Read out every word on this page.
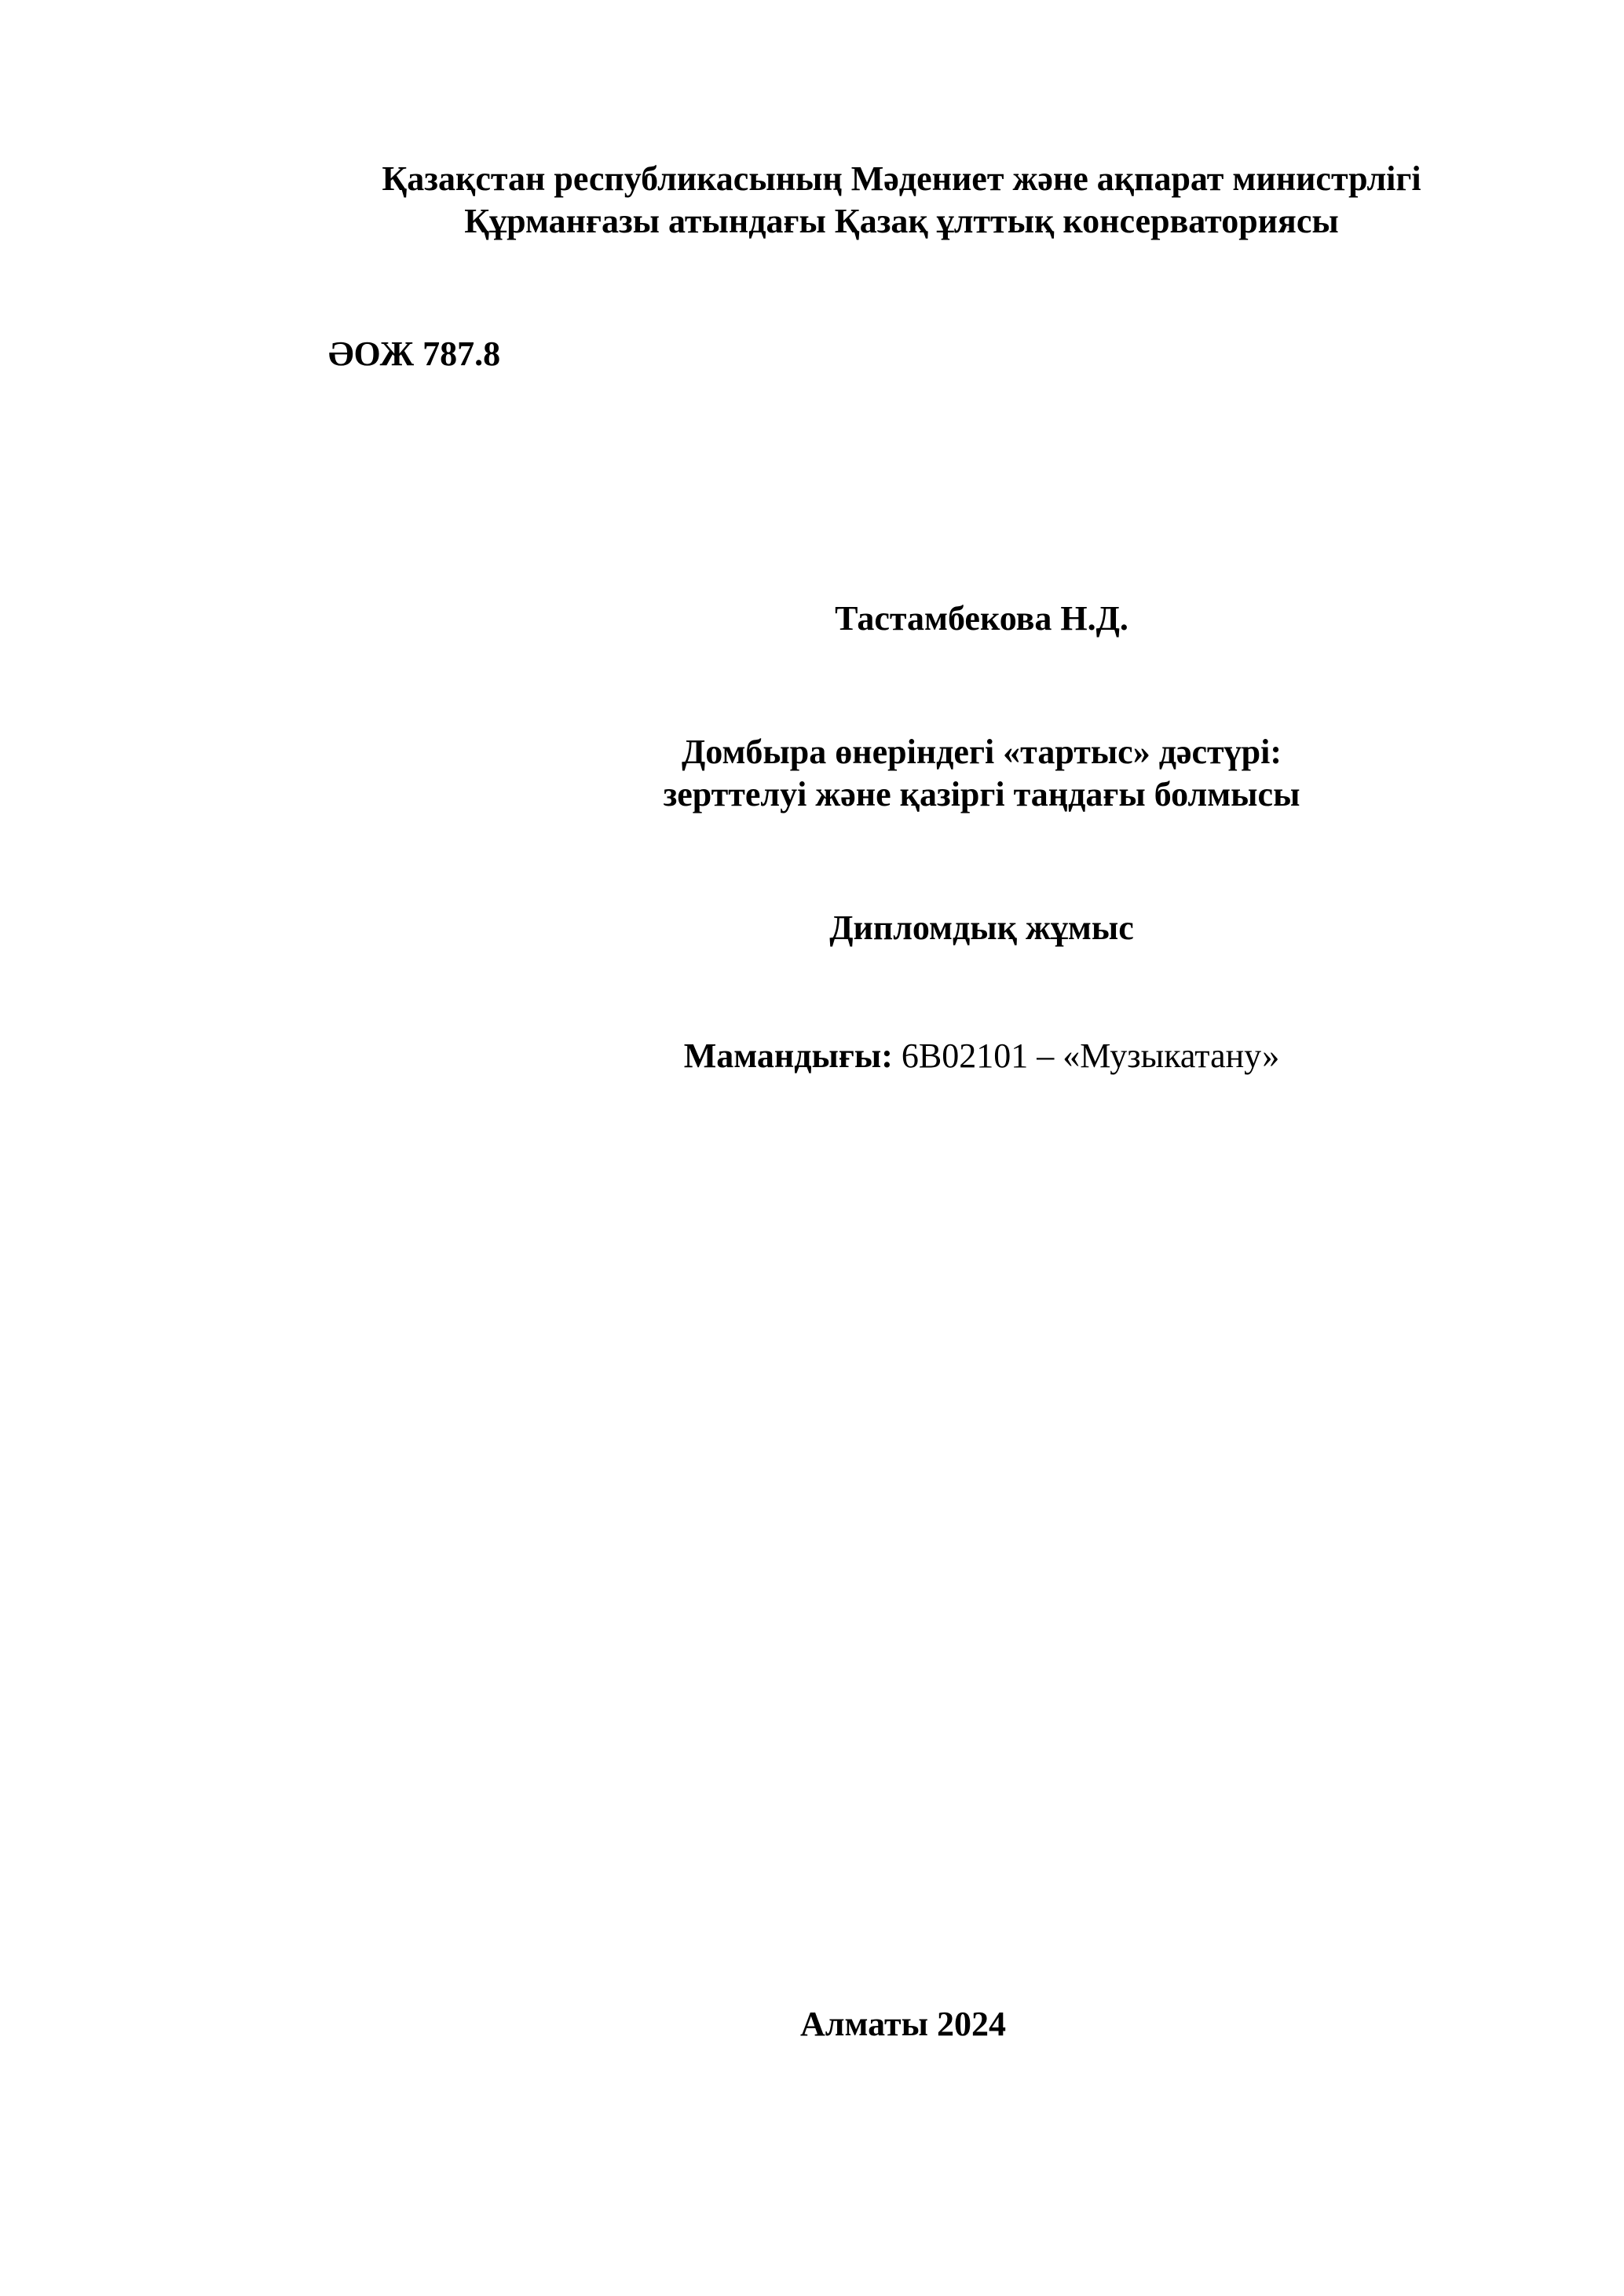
Қазақстан республикасының Мәдениет және ақпарат министрлігі
Құрманғазы атындағы Қазақ ұлттық консерваториясы
ӘОЖ 787.8
Тастамбекова Н.Д.
Домбыра өнеріндегі «тартыс» дәстүрі:
зерттелуі және қазіргі таңдағы болмысы
Дипломдық жұмыс
Мамандығы: 6В02101 – «Музыкатану»
Алматы 2024
